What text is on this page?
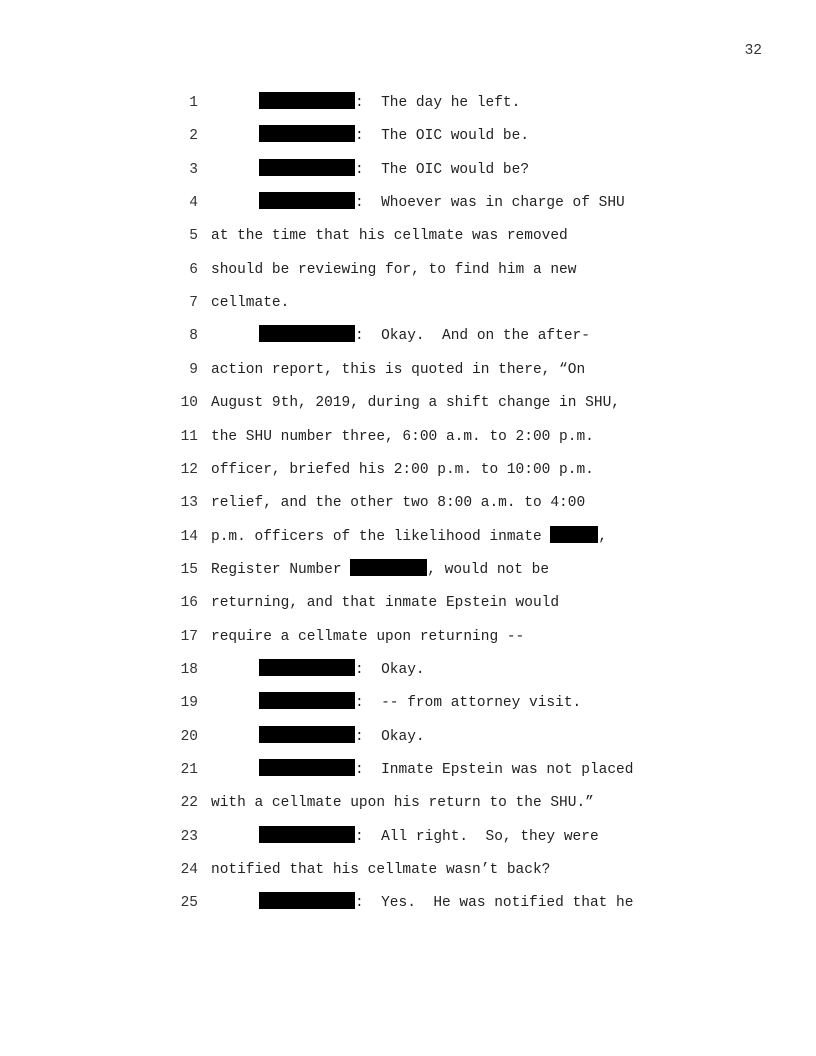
32
1	:  The day he left.
2	:  The OIC would be.
3	:  The OIC would be?
4	:  Whoever was in charge of SHU
5 at the time that his cellmate was removed
6 should be reviewing for, to find him a new
7 cellmate.
8	:  Okay.  And on the after-
9 action report, this is quoted in there, “On
10 August 9th, 2019, during a shift change in SHU,
11 the SHU number three, 6:00 a.m. to 2:00 p.m.
12 officer, briefed his 2:00 p.m. to 10:00 p.m.
13 relief, and the other two 8:00 a.m. to 4:00
14 p.m. officers of the likelihood inmate	,
15 Register Number	, would not be
16 returning, and that inmate Epstein would
17 require a cellmate upon returning --
18	:  Okay.
19	:  -- from attorney visit.
20	:  Okay.
21	:  Inmate Epstein was not placed
22 with a cellmate upon his return to the SHU.”
23	:  All right.  So, they were
24 notified that his cellmate wasn’t back?
25	:  Yes.  He was notified that he
